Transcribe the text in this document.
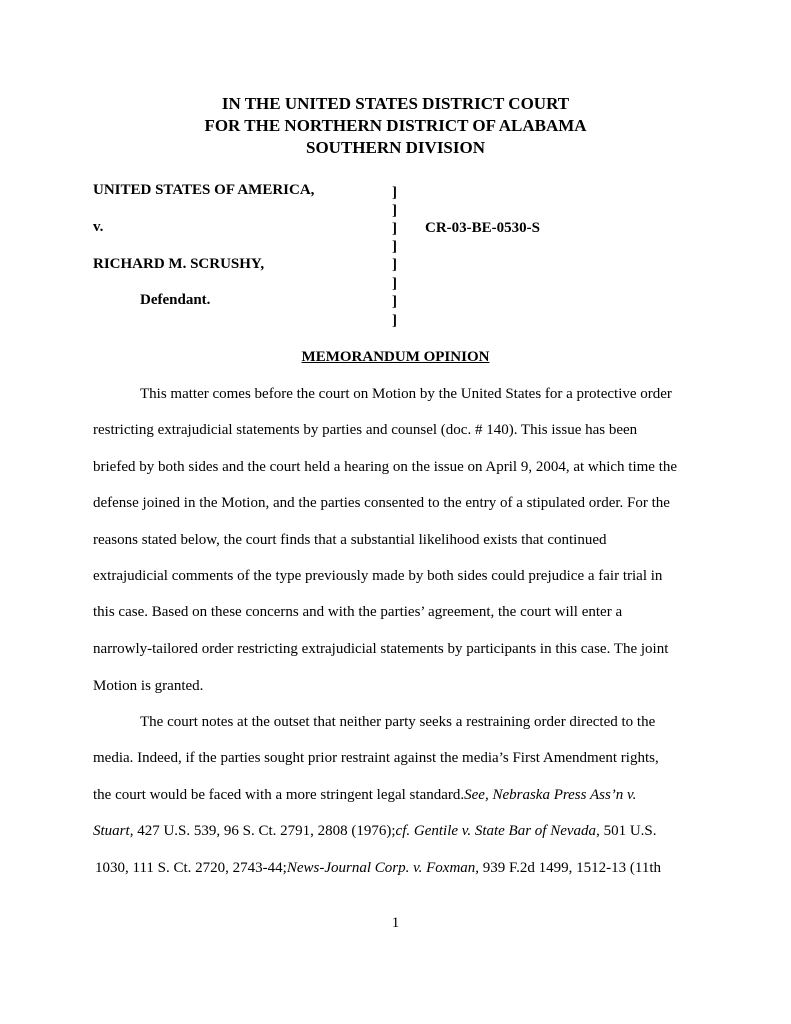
IN THE UNITED STATES DISTRICT COURT
FOR THE NORTHERN DISTRICT OF ALABAMA
SOUTHERN DIVISION
UNITED STATES OF AMERICA,
v.
RICHARD M. SCRUSHY,
Defendant.
]
]
]
]
]
]
]
]
CR-03-BE-0530-S
MEMORANDUM OPINION
This matter comes before the court on Motion by the United States for a protective order
restricting extrajudicial statements by parties and counsel (doc. # 140). This issue has been
briefed by both sides and the court held a hearing on the issue on April 9, 2004, at which time the
defense joined in the Motion, and the parties consented to the entry of a stipulated order. For the
reasons stated below, the court finds that a substantial likelihood exists that continued
extrajudicial comments of the type previously made by both sides could prejudice a fair trial in
this case. Based on these concerns and with the parties’ agreement, the court will enter a
narrowly-tailored order restricting extrajudicial statements by participants in this case. The joint
Motion is granted.
The court notes at the outset that neither party seeks a restraining order directed to the
media. Indeed, if the parties sought prior restraint against the media’s First Amendment rights,
the court would be faced with a more stringent legal standard.See, Nebraska Press Ass’n v.
Stuart, 427 U.S. 539, 96 S. Ct. 2791, 2808 (1976);cf. Gentile v. State Bar of Nevada, 501 U.S.
1030, 111 S. Ct. 2720, 2743-44;News-Journal Corp. v. Foxman, 939 F.2d 1499, 1512-13 (11th
1
